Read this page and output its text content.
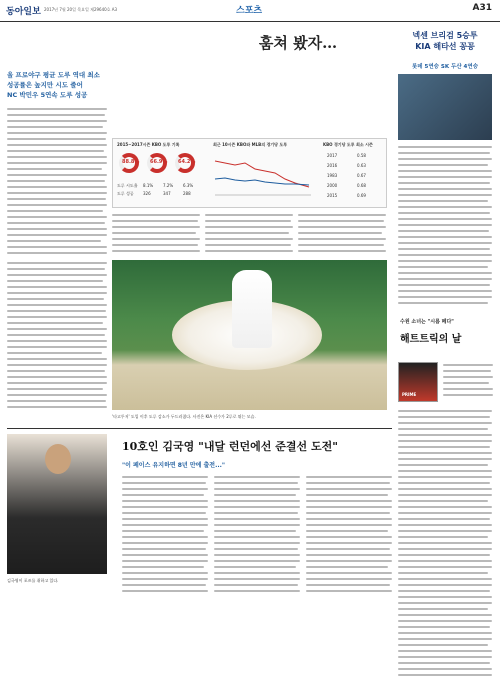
동아일보 2017년 7월 20일 목요일 제29640호 A3	스포츠	A31
훔쳐 봤자…
올 프로야구 평균 도루 역대 최소
성공률은 높지만 시도 줄어
NC 박민우 5연속 도루 성공
2015~2017시즌 KBO 도루 기록
88.8% 66.9% 64.2%
도루 시도율 8.1% 7.2% 6.3%
도루 성공 326	347	288
최근 10시즌 KBO와 MLB의 경기당 도루	KBO 경기당 도루 최소 시즌
2017	0.58
2016	0.63
1983	0.67
2000	0.68
2015	0.69
'타고투저' 도입 이후 도루 감소가 두드러졌다. 사진은 KIA 선수가 2루로 뛰는 모습.
넥센 브리검 5승투
KIA 해타선 꽁꽁
롯데 5연승 SK 두산 4연승
수원 소녀는 "시름 떼다"
해트트릭의 날
PRIME
김국영이 포즈를 취하고 있다.
10호인 김국영 "내달 런던에선 준결선 도전"
"이 페이스 유지하면 8년 만에 출전..."
